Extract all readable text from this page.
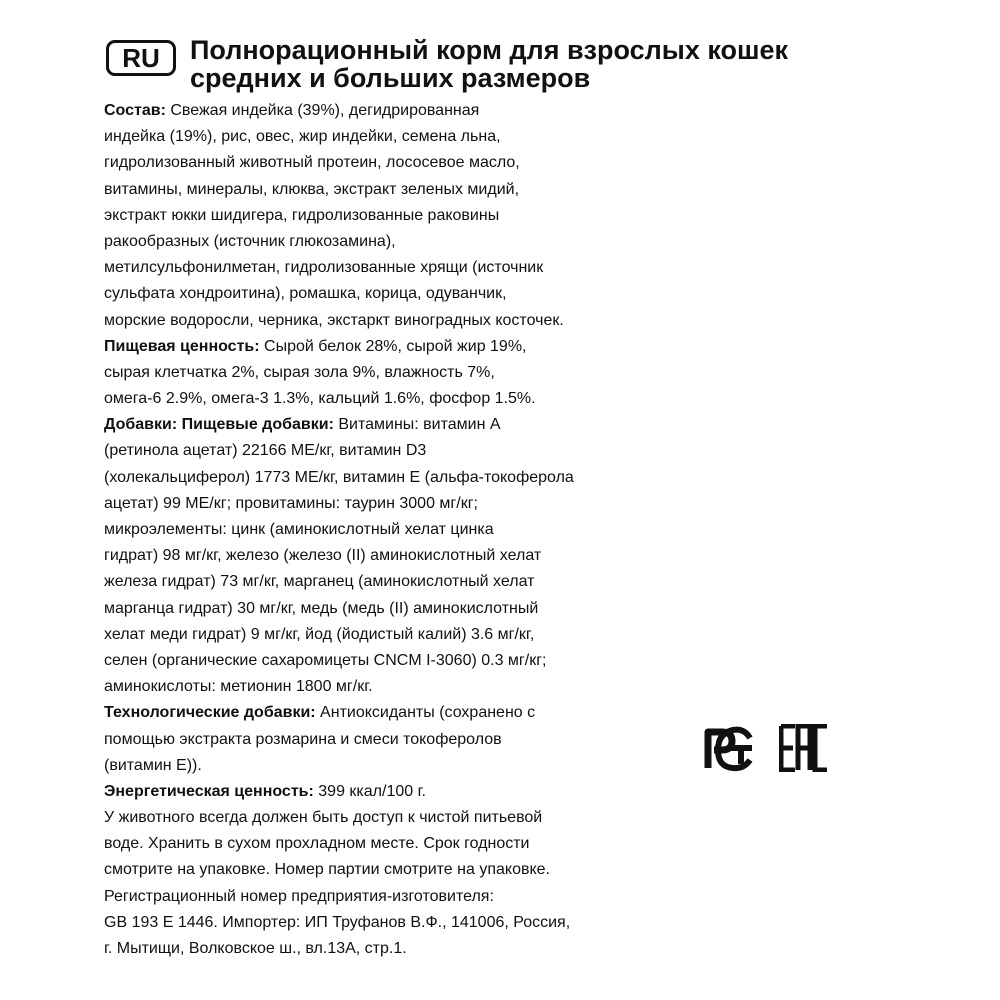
RU	Полнорационный корм для взрослых кошек
средних и больших размеров
Состав: Свежая индейка (39%), дегидрированная
индейка (19%), рис, овес, жир индейки, семена льна,
гидролизованный животный протеин, лососевое масло,
витамины, минералы, клюква, экстракт зеленых мидий,
экстракт юкки шидигера, гидролизованные раковины
ракообразных (источник глюкозамина),
метилсульфонилметан, гидролизованные хрящи (источник
сульфата хондроитина), ромашка, корица, одуванчик,
морские водоросли, черника, экстаркт виноградных косточек.
Пищевая ценность: Сырой белок 28%, сырой жир 19%,
сырая клетчатка 2%, сырая зола 9%, влажность 7%,
омега-6 2.9%, омега-3 1.3%, кальций 1.6%, фосфор 1.5%.
Добавки: Пищевые добавки: Витамины: витамин А
(ретинола ацетат) 22166 МЕ/кг, витамин D3
(холекальциферол) 1773 МЕ/кг, витамин Е (альфа-токоферола
ацетат) 99 МЕ/кг; провитамины: таурин 3000 мг/кг;
микроэлементы: цинк (аминокислотный хелат цинка
гидрат) 98 мг/кг, железо (железо (II) аминокислотный хелат
железа гидрат) 73 мг/кг, марганец (аминокислотный хелат
марганца гидрат) 30 мг/кг, медь (медь (II) аминокислотный
хелат меди гидрат) 9 мг/кг, йод (йодистый калий) 3.6 мг/кг,
селен (органические сахаромицеты CNCM I-3060) 0.3 мг/кг;
аминокислоты: метионин 1800 мг/кг.
Технологические добавки: Антиоксиданты (сохранено с
помощью экстракта розмарина и смеси токоферолов
(витамин Е)).
Энергетическая ценность: 399 ккал/100 г.
У животного всегда должен быть доступ к чистой питьевой
воде. Хранить в сухом прохладном месте. Срок годности
смотрите на упаковке. Номер партии смотрите на упаковке.
Регистрационный номер предприятия-изготовителя:
GB 193 E 1446. Импортер: ИП Труфанов В.Ф., 141006, Россия,
г. Мытищи, Волковское ш., вл.13А, стр.1.
